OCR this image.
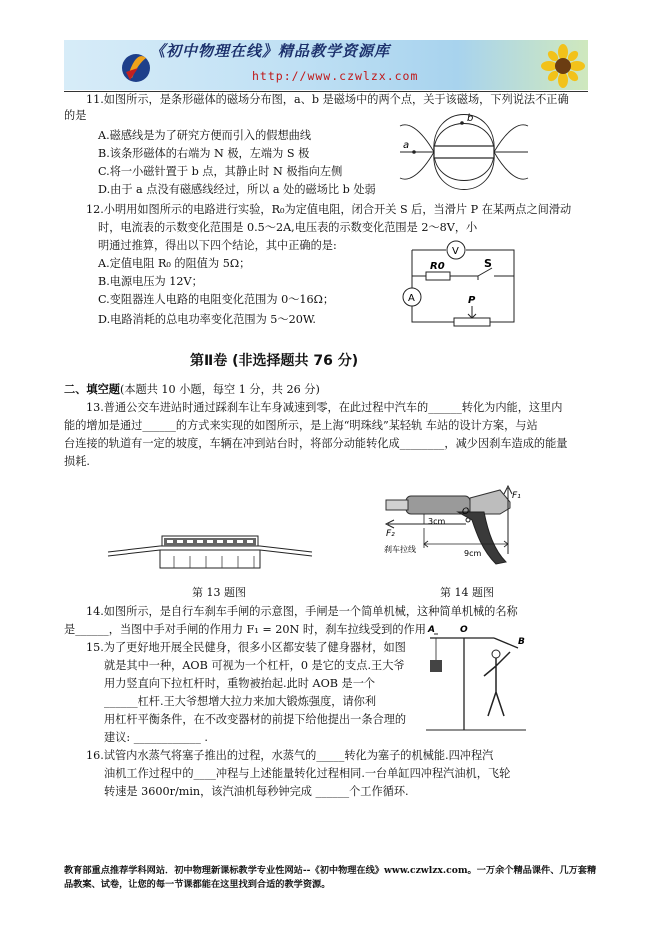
《初中物理在线》精品教学资源库
http://www.czwlzx.com
11.如图所示，是条形磁体的磁场分布图，a、b 是磁场中的两个点，关于该磁场，下列说法不正确
的是
A.磁感线是为了研究方便而引入的假想曲线
B.该条形磁体的右端为 N 极，左端为 S 极
C.将一小磁针置于 b 点，其静止时 N 极指向左侧
D.由于 a 点没有磁感线经过，所以 a 处的磁场比 b 处弱
a
b
12.小明用如图所示的电路进行实验，R₀为定值电阻，闭合开关 S 后，当滑片 P 在某两点之间滑动
时，电流表的示数变化范围是 0.5～2A,电压表的示数变化范围是 2～8V，小
明通过推算，得出以下四个结论，其中正确的是:
A.定值电阻 R₀ 的阻值为 5Ω；
B.电源电压为 12V；
C.变阻器连人电路的电阻变化范围为 0～16Ω；
D.电路消耗的总电功率变化范围为 5～20W.
V
A
R0	S
P
第Ⅱ卷 (非选择题共 76 分)
二、填空题(本题共 10 小题，每空 1 分，共 26 分)
13.普通公交车进站时通过踩刹车让车身减速到零，在此过程中汽车的______转化为内能，这里内
能的增加是通过______的方式来实现的如图所示，是上海“明珠线”某轻轨 车站的设计方案，与站
台连接的轨道有一定的坡度，车辆在冲到站台时，将部分动能转化成________，减少因刹车造成的能量
损耗.
F₁
F₂
O
3cm
9cm
刹车拉线
第 13 题图	第 14 题图
14.如图所示，是自行车刹车手闸的示意图，手闸是一个简单机械，这种简单机械的名称
是______，当图中手对手闸的作用力 F₁ = 20N 时，刹车拉线受到的作用
15.为了更好地开展全民健身，很多小区都安装了健身器材，如图
就是其中一种，AOB 可视为一个杠杆，0 是它的支点.王大爷
用力竖直向下拉杠杆时，重物被抬起.此时 AOB 是一个
______杠杆.王大爷想增大拉力来加大锻炼强度，请你利
用杠杆平衡条件，在不改变器材的前提下给他提出一条合理的
建议: ____________ .
A	O
B
16.试管内水蒸气将塞子推出的过程，水蒸气的_____转化为塞子的机械能.四冲程汽
油机工作过程中的____冲程与上述能量转化过程相同.一台单缸四冲程汽油机，飞轮
转速是 3600r/min，该汽油机每秒钟完成 ______个工作循环.
教育部重点推荐学科网站．初中物理新课标教学专业性网站--《初中物理在线》www.czwlzx.com。一万余个精品课件、几万套精品教案、试卷，让您的每一节课都能在这里找到合适的教学资源。
